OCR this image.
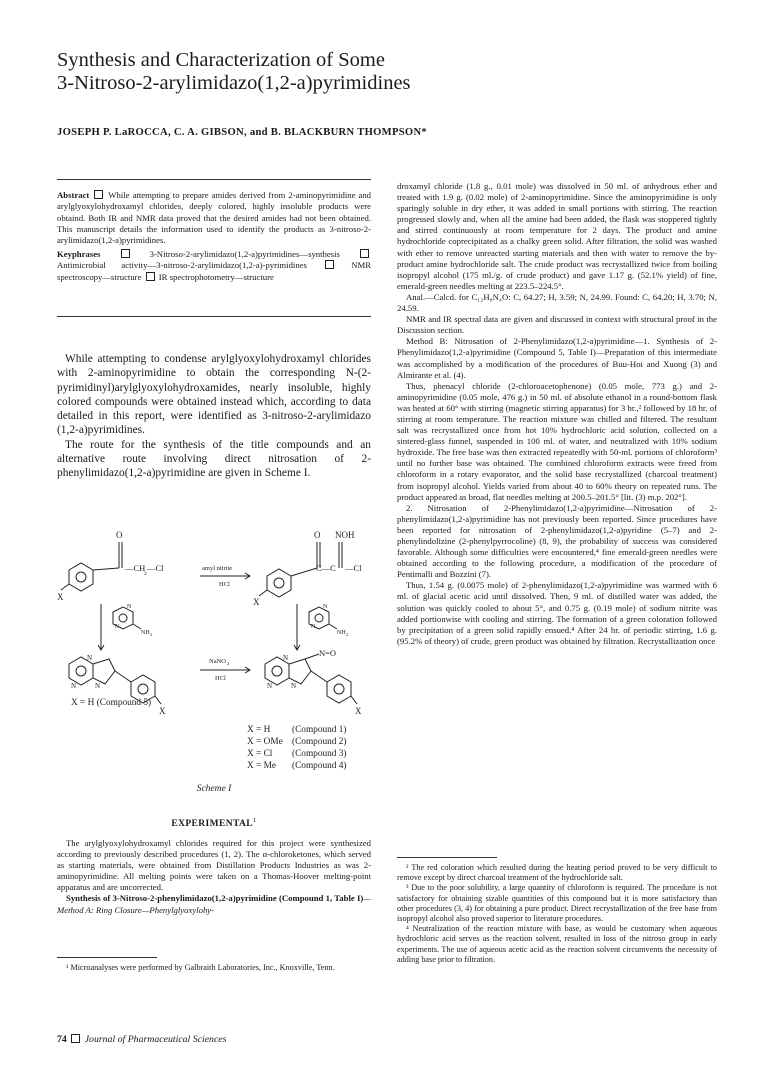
Synthesis and Characterization of Some
3-Nitroso-2-arylimidazo(1,2-a)pyrimidines
JOSEPH P. LaROCCA, C. A. GIBSON, and B. BLACKBURN THOMPSON*
Abstract While attempting to prepare amides derived from 2-aminopyrimidine and arylglyoxylohydroxamyl chlorides, deeply colored, highly insoluble products were obtaind. Both IR and NMR data proved that the desired amides had not been obtained. This manuscript details the information used to identify the products as 3-nitroso-2-arylimidazo(1,2-a)pyrimidines.
Keyphrases	3-Nitroso-2-arylimidazo(1,2-a)pyrimidines—synthesis  Antimicrobial activity—3-nitroso-2-arylimidazo(1,2-a)-pyrimidines	NMR spectroscopy—structure IR spectrophotometry—structure

While attempting to condense arylglyoxylohydroxamyl chlorides with 2-aminopyrimidine to obtain the corresponding N-(2-pyrimidinyl)arylglyoxylohydroxamides, nearly insoluble, highly colored compounds were obtained instead which, according to data detailed in this report, were identified as 3-nitroso-2-arylimidazo (1,2-a)pyrimidines.

The route for the synthesis of the title compounds and an alternative route involving direct nitrosation of 2-phenylimidazo(1,2-a)pyrimidine are given in Scheme I.

O
—CH
2
—Cl
X
amyl nitrite
HCl
O NOH
C—C —Cl
X
N
N
NH 2
N
N
NH 2
N
N	N
X
NaNO 2
HCl
N
N	N
N=O
X
X = H (Compound 5)
X = H (Compound 1)
X = OMe (Compound 2)
X = Cl (Compound 3)
X = Me (Compound 4)
Scheme I
EXPERIMENTAL$^1$

The arylglyoxylohydroxamyl chlorides required for this project were synthesized according to previously described procedures (1, 2). The α-chloroketones, which served as starting materials, were obtained from Distillation Products Industries as was 2-aminopyrimidine. All melting points were taken on a Thomas-Hoover melting-point apparatus and are uncorrected.

Synthesis of 3-Nitroso-2-phenylimidazo(1,2-a)pyrimidine (Compound 1, Table I)—Method A: Ring Closure—Phenylglyoxylohy-

¹ Microanalyses were performed by Galbraith Laboratories, Inc., Knoxville, Tenn.

droxamyl chloride (1.8 g., 0.01 mole) was dissolved in 50 ml. of anhydrous ether and treated with 1.9 g. (0.02 mole) of 2-aminopyrimidine. Since the aminopyrimidine is only sparingly soluble in dry ether, it was added in small portions with stirring. The reaction progressed slowly and, when all the amine had been added, the flask was stoppered tightly and stirred continuously at room temperature for 2 days. The product and amine hydrochloride coprecipitated as a chalky green solid. After filtration, the solid was washed with ether to remove unreacted starting materials and then with water to remove the by-product amine hydrochloride salt. The crude product was recrystallized twice from boiling isopropyl alcohol (175 ml./g. of crude product) and gave 1.17 g. (52.1% yield) of fine, emerald-green needles melting at 223.5–224.5°.

Anal.—Calcd. for C₁₂H₈N₄O: C, 64.27; H, 3.59; N, 24.99. Found: C, 64.20; H, 3.70; N, 24.59.

NMR and IR spectral data are given and discussed in context with structural proof in the Discussion section.

Method B: Nitrosation of 2-Phenylimidazo(1,2-a)pyrimidine—1. Synthesis of 2-Phenylimidazo(1,2-a)pyrimidine (Compound 5, Table I)—Preparation of this intermediate was accomplished by a modification of the procedures of Buu-Hoi and Xuong (3) and Almirante et al. (4).

Thus, phenacyl chloride (2-chloroacetophenone) (0.05 mole, 773 g.) and 2-aminopyrimidine (0.05 mole, 476 g.) in 50 ml. of absolute ethanol in a round-bottom flask was heated at 60° with stirring (magnetic stirring apparatus) for 3 hr.,² followed by 18 hr. of stirring at room temperature. The reaction mixture was chilled and filtered. The resultant salt was recrystallized once from hot 10% hydrochloric acid solution, collected on a sintered-glass funnel, suspended in 100 ml. of water, and neutralized with 10% sodium hydroxide. The free base was then extracted repeatedly with 50-ml. portions of chloroform³ until no further base was obtained. The combined chloroform extracts were freed from chloroform in a rotary evaporator, and the solid base recrystallized (charcoal treatment) from isopropyl alcohol. Yields varied from about 40 to 60% theory on repeated runs. The product appeared as broad, flat needles melting at 200.5–201.5° [lit. (3) m.p. 202°].

2. Nitrosation of 2-Phenylimidazo(1,2-a)pyrimidine—Nitrosation of 2-phenylimidazo(1,2-a)pyrimidine has not previously been reported. Since procedures have been reported for nitrosation of 2-phenylimidazo(1,2-a)pyridine (5–7) and 2-phenylindolizine (2-phenylpyrrocoline) (8, 9), the probability of success was considered favorable. Although some difficulties were encountered,⁴ fine emerald-green needles were obtained according to the following procedure, a modification of the procedure of Pentimalli and Bozzini (7).

Thus, 1.54 g. (0.0075 mole) of 2-phenylimidazo(1,2-a)pyrimidine was warmed with 6 ml. of glacial acetic acid until dissolved. Then, 9 ml. of distilled water was added, the solution was quickly cooled to about 5°, and 0.75 g. (0.19 mole) of sodium nitrite was added portionwise with cooling and stirring. The formation of a green coloration followed by precipitation of a green solid rapidly ensued.⁴ After 24 hr. of periodic stirring, 1.6 g. (95.2% of theory) of crude, green product was obtained by filtration. Recrystallization once

² The red coloration which resulted during the heating period proved to be very difficult to remove except by direct charcoal treatment of the hydrochloride salt.

³ Due to the poor solubility, a large quantity of chloroform is required. The procedure is not satisfactory for obtaining sizable quantities of this compound but it is more satisfactory than other procedures (3, 4) for obtaining a pure product. Direct recrystallization of the free base from isopropyl alcohol also proved superior to literature procedures.

⁴ Neutralization of the reaction mixture with base, as would be customary when aqueous hydrochloric acid serves as the reaction solvent, resulted in loss of the nitroso group in early experiments. The use of aqueous acetic acid as the reaction solvent circumvents the necessity of adding base prior to filtration.

74 Journal of Pharmaceutical Sciences
